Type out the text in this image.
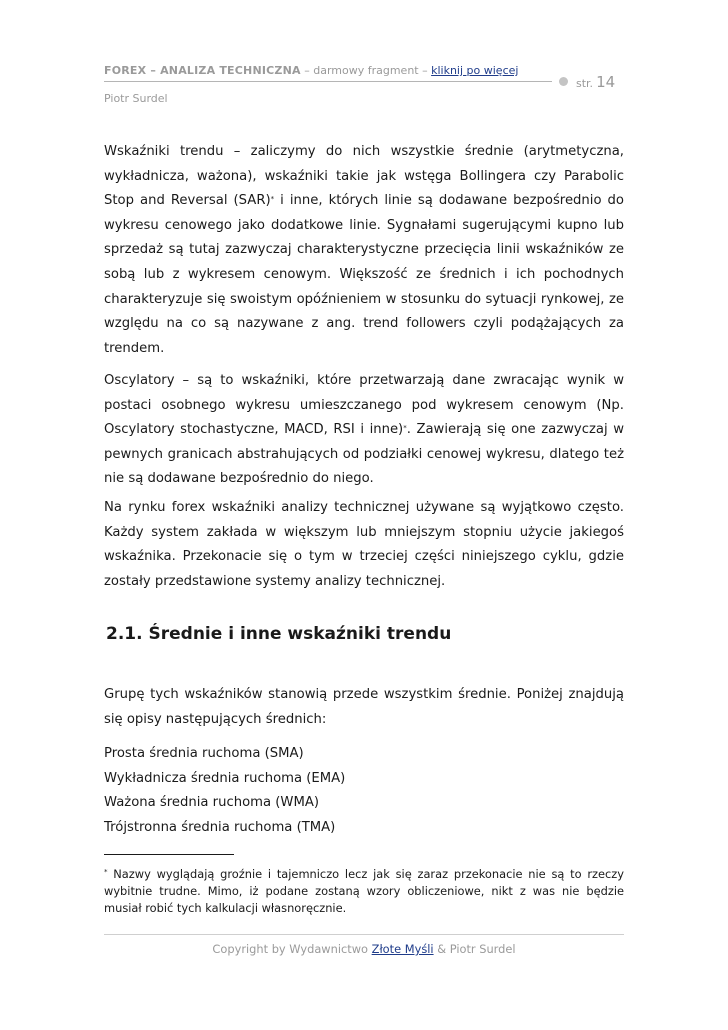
FOREX – ANALIZA TECHNICZNA – darmowy fragment – kliknij po więcej
str. 14
Piotr Surdel

Wskaźniki trendu – zaliczymy do nich wszystkie średnie (arytmetyczna, wykładnicza, ważona), wskaźniki takie jak wstęga Bollingera czy Parabolic Stop and Reversal (SAR)* i inne, których linie są dodawane bezpośrednio do wykresu cenowego jako dodatkowe linie. Sygnałami sugerującymi kupno lub sprzedaż są tutaj zazwyczaj charakterystyczne przecięcia linii wskaźników ze sobą lub z wykresem cenowym. Większość ze średnich i ich pochodnych charakteryzuje się swoistym opóźnieniem w stosunku do sytuacji rynkowej, ze względu na co są nazywane z ang. trend followers czyli podążających za trendem.

Oscylatory – są to wskaźniki, które przetwarzają dane zwracając wynik w postaci osobnego wykresu umieszczanego pod wykresem cenowym (Np. Oscylatory stochastyczne, MACD, RSI i inne)*. Zawierają się one zazwyczaj w pewnych granicach abstrahujących od podziałki cenowej wykresu, dlatego też nie są dodawane bezpośrednio do niego.

Na rynku forex wskaźniki analizy technicznej używane są wyjątkowo często. Każdy system zakłada w większym lub mniejszym stopniu użycie jakiegoś wskaźnika. Przekonacie się o tym w trzeciej części niniejszego cyklu, gdzie zostały przedstawione systemy analizy technicznej.

2.1. Średnie i inne wskaźniki trendu

Grupę tych wskaźników stanowią przede wszystkim średnie. Poniżej znajdują się opisy następujących średnich:

Prosta średnia ruchoma (SMA)
Wykładnicza średnia ruchoma (EMA)
Ważona średnia ruchoma (WMA)
Trójstronna średnia ruchoma (TMA)

* Nazwy wyglądają groźnie i tajemniczo lecz jak się zaraz przekonacie nie są to rzeczy wybitnie trudne. Mimo, iż podane zostaną wzory obliczeniowe, nikt z was nie będzie musiał robić tych kalkulacji własnoręcznie.

Copyright by Wydawnictwo Złote Myśli & Piotr Surdel
